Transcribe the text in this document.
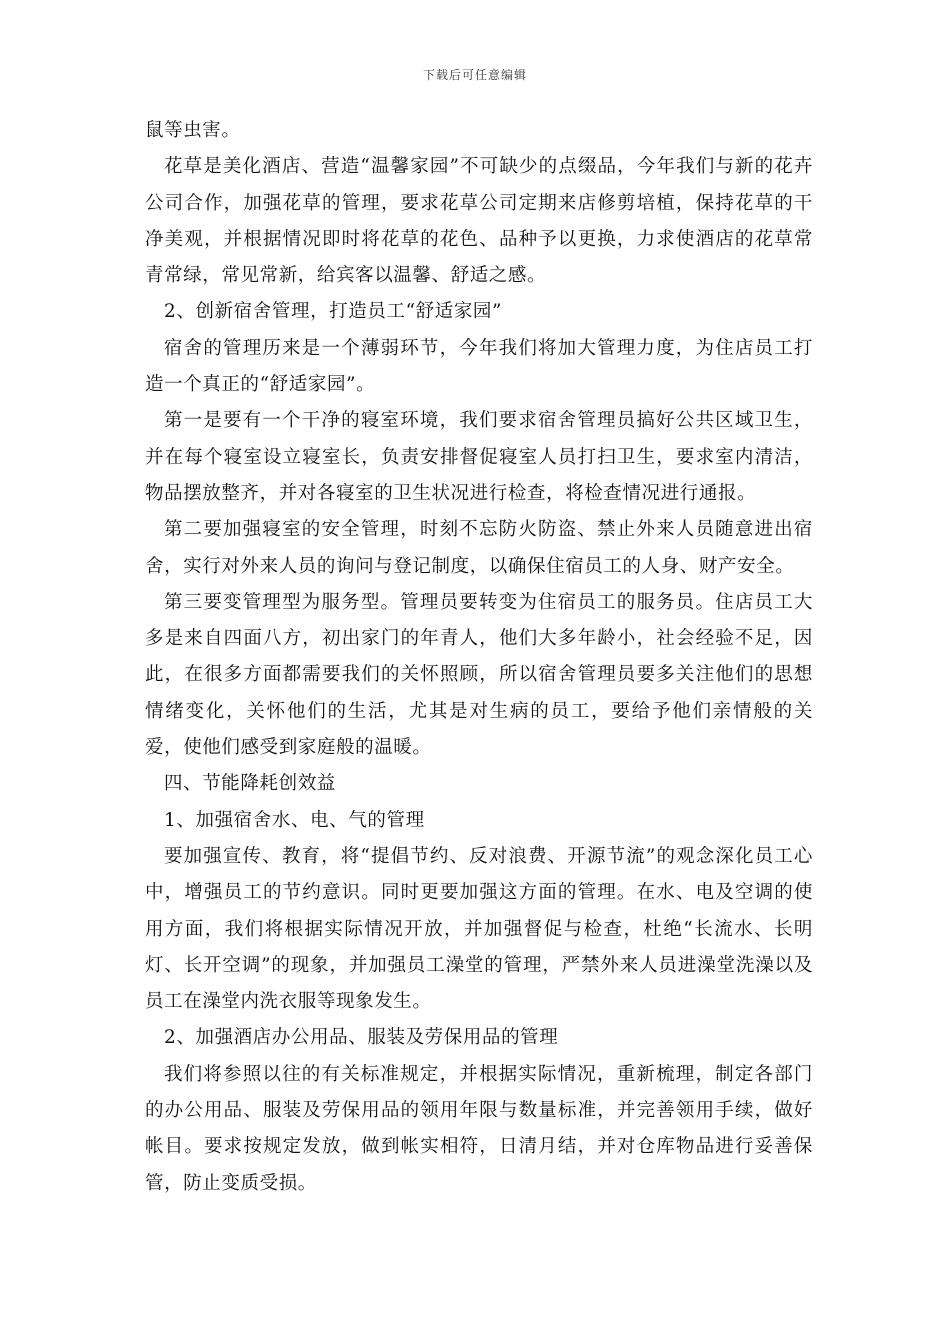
下载后可任意编辑

鼠等虫害。

花草是美化酒店、营造“温馨家园”不可缺少的点缀品，今年我们与新的花卉公司合作，加强花草的管理，要求花草公司定期来店修剪培植，保持花草的干净美观，并根据情况即时将花草的花色、品种予以更换，力求使酒店的花草常青常绿，常见常新，给宾客以温馨、舒适之感。

2、创新宿舍管理，打造员工“舒适家园”

宿舍的管理历来是一个薄弱环节，今年我们将加大管理力度，为住店员工打造一个真正的“舒适家园”。

第一是要有一个干净的寝室环境，我们要求宿舍管理员搞好公共区域卫生，并在每个寝室设立寝室长，负责安排督促寝室人员打扫卫生，要求室内清洁，物品摆放整齐，并对各寝室的卫生状况进行检查，将检查情况进行通报。

第二要加强寝室的安全管理，时刻不忘防火防盗、禁止外来人员随意进出宿舍，实行对外来人员的询问与登记制度，以确保住宿员工的人身、财产安全。

第三要变管理型为服务型。管理员要转变为住宿员工的服务员。住店员工大多是来自四面八方，初出家门的年青人，他们大多年龄小，社会经验不足，因此，在很多方面都需要我们的关怀照顾，所以宿舍管理员要多关注他们的思想情绪变化，关怀他们的生活，尤其是对生病的员工，要给予他们亲情般的关爱，使他们感受到家庭般的温暖。

四、节能降耗创效益

1、加强宿舍水、电、气的管理

要加强宣传、教育，将“提倡节约、反对浪费、开源节流”的观念深化员工心中，增强员工的节约意识。同时更要加强这方面的管理。在水、电及空调的使用方面，我们将根据实际情况开放，并加强督促与检查，杜绝“长流水、长明灯、长开空调”的现象，并加强员工澡堂的管理，严禁外来人员进澡堂洗澡以及员工在澡堂内洗衣服等现象发生。

2、加强酒店办公用品、服装及劳保用品的管理

我们将参照以往的有关标准规定，并根据实际情况，重新梳理，制定各部门的办公用品、服装及劳保用品的领用年限与数量标准，并完善领用手续，做好帐目。要求按规定发放，做到帐实相符，日清月结，并对仓库物品进行妥善保管，防止变质受损。
